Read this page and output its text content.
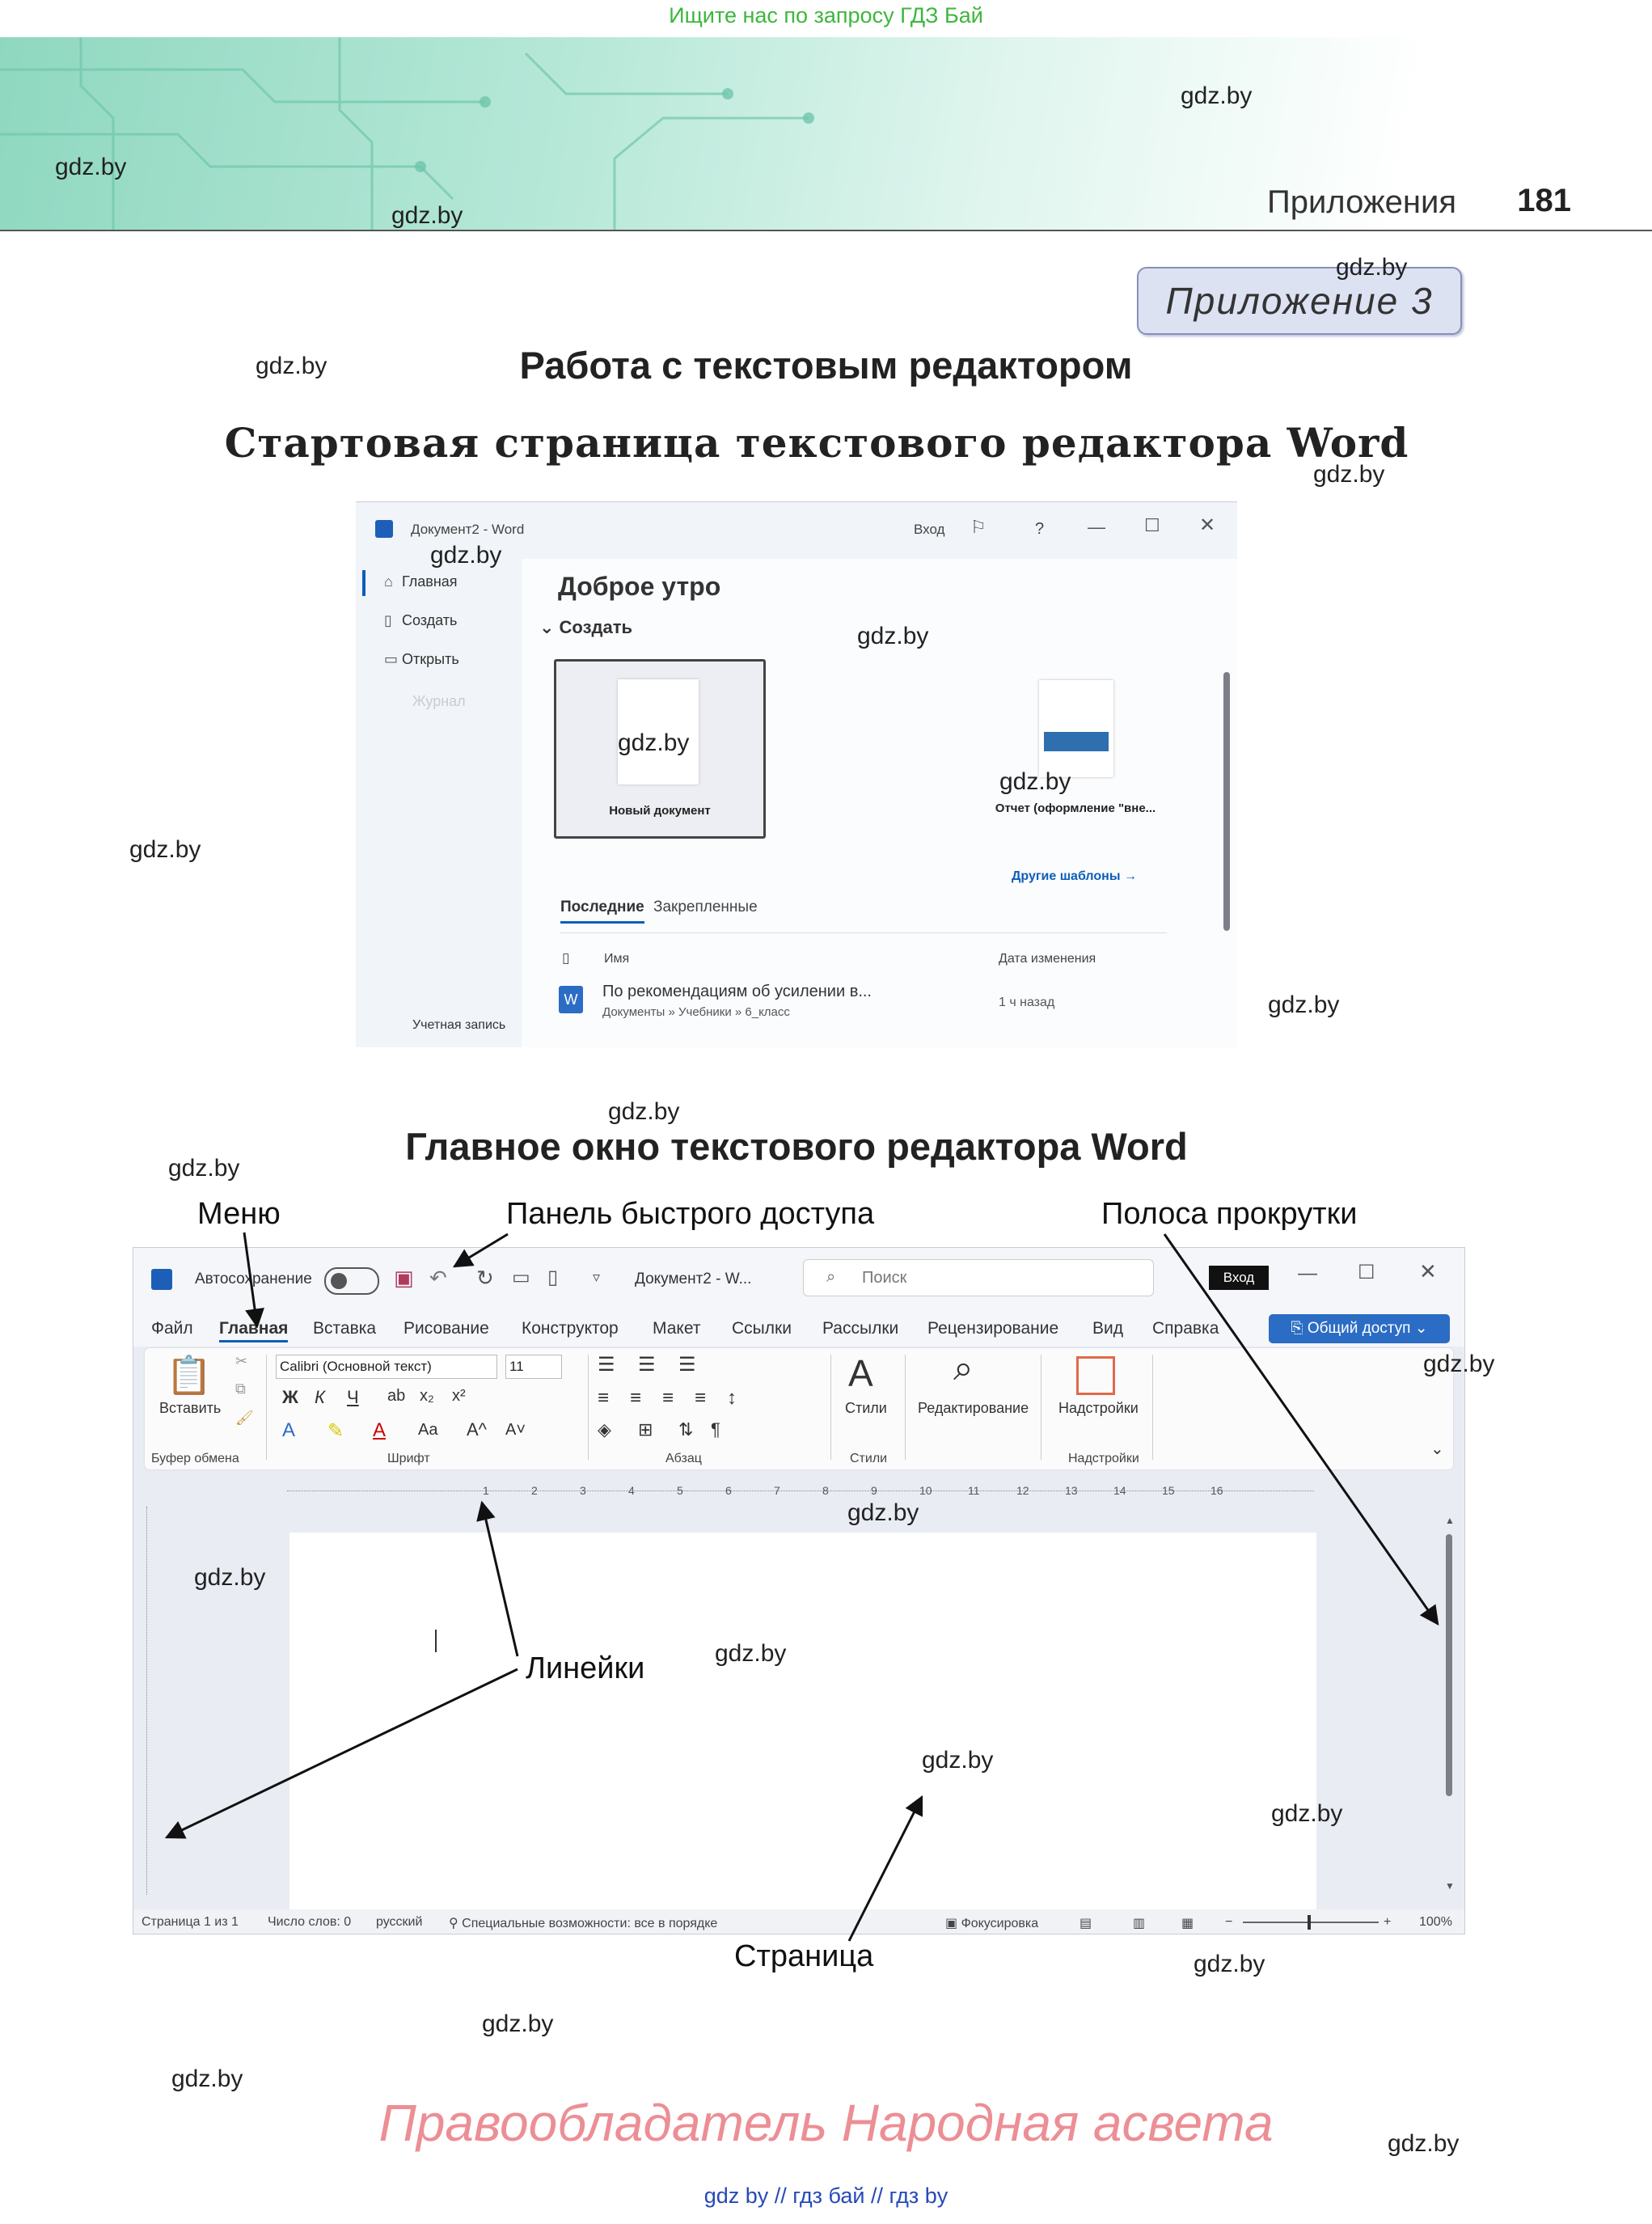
Ищите нас по запросу ГДЗ Бай
Приложения 181
Приложение 3
Работа с текстовым редактором
Стартовая страница текстового редактора Word
Документ2 - Word	Вход ⚐	? — ☐ ✕
⌂ Главная
▯ Создать
▭ Открыть
Журнал
Учетная запись
Доброе утро
⌄ Создать
Новый документ	Отчет (оформление "вне...
Другие шаблоны →
Последние Закрепленные
▯	Имя	Дата изменения
W	По рекомендациям об усилении в...
Документы » Учебники » 6_класс
1 ч назад
Главное окно текстового редактора Word
Автосохранение	▣ ↶ ↻ ▭ ▯ ▿ Документ2 - W...	⌕ Поиск	Вход	— ☐ ✕
Файл Главная Вставка Рисование Конструктор Макет Ссылки Рассылки Рецензирование Вид Справка	⎘ Общий доступ ⌄
📋
Вставить
✂
⧉
🖌
Calibri (Основной текст)	11
Ж К Ч ab x₂ x²
A ✎ A Aa A^ A˅
☰ ☰ ☰
≡ ≡ ≡ ≡ ↕
◈ ⊞ ⇅ ¶
A
Стили
⌕
Редактирование Надстройки
Буфер обмена	Шрифт	Абзац	Стили	Надстройки
⌄
1	2	3	4	5	6	7	8	9	10	11	12	13	14	15	16
▲
▼
Страница 1 из 1 Число слов: 0 русский ⚲ Специальные возможности: все в порядке	▣ Фокусировка	▤	▥	▦ −	+ 100%
Меню	Панель быстрого доступа	Полоса прокрутки
Линейки
Страница
gdz.by
gdz.by
gdz.by
gdz.by
gdz.by
gdz.by
gdz.by
gdz.by
gdz.by
gdz.by
gdz.by
gdz.by
gdz.by
gdz.by
gdz.by
gdz.by
gdz.by
gdz.by
gdz.by
gdz.by
gdz.by
gdz.by
gdz.by
gdz.by
Правообладатель Народная асвета
gdz by // гдз бай // гдз by
